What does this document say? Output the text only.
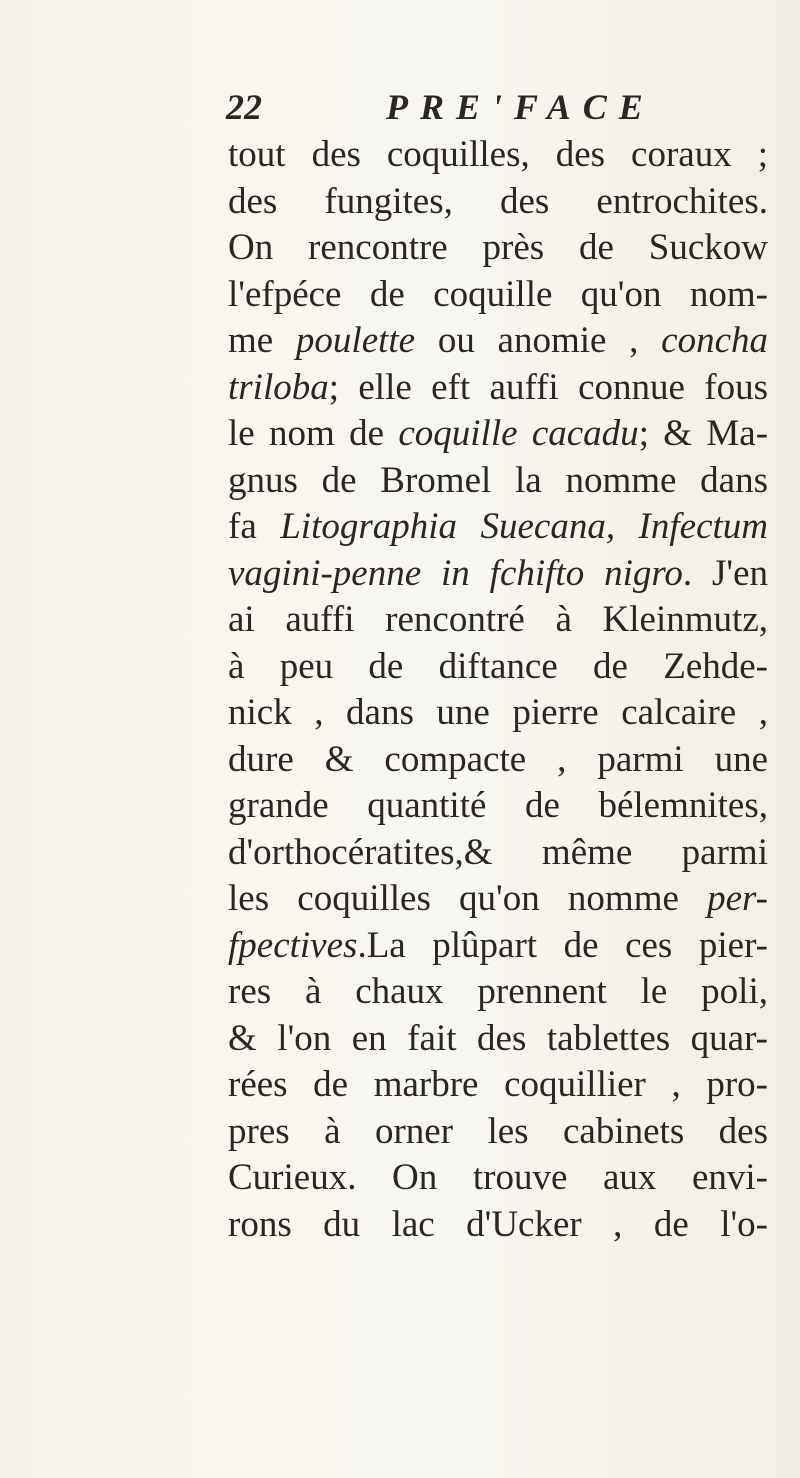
22	PRE'FACE
tout des coquilles, des coraux ;
des fungites, des entrochites.
On rencontre près de Suckow
l'efpéce de coquille qu'on nom-
me poulette ou anomie , concha
triloba; elle eft auffi connue fous
le nom de coquille cacadu; & Ma-
gnus de Bromel la nomme dans
fa Litographia Suecana, Infectum
vagini-penne in fchifto nigro. J'en
ai auffi rencontré à Kleinmutz,
à peu de diftance de Zehde-
nick , dans une pierre calcaire ,
dure & compacte , parmi une
grande quantité de bélemnites,
d'orthocératites,& même parmi
les coquilles qu'on nomme per-
fpectives.La plûpart de ces pier-
res à chaux prennent le poli,
& l'on en fait des tablettes quar-
rées de marbre coquillier , pro-
pres à orner les cabinets des
Curieux. On trouve aux envi-
rons du lac d'Ucker , de l'o-
